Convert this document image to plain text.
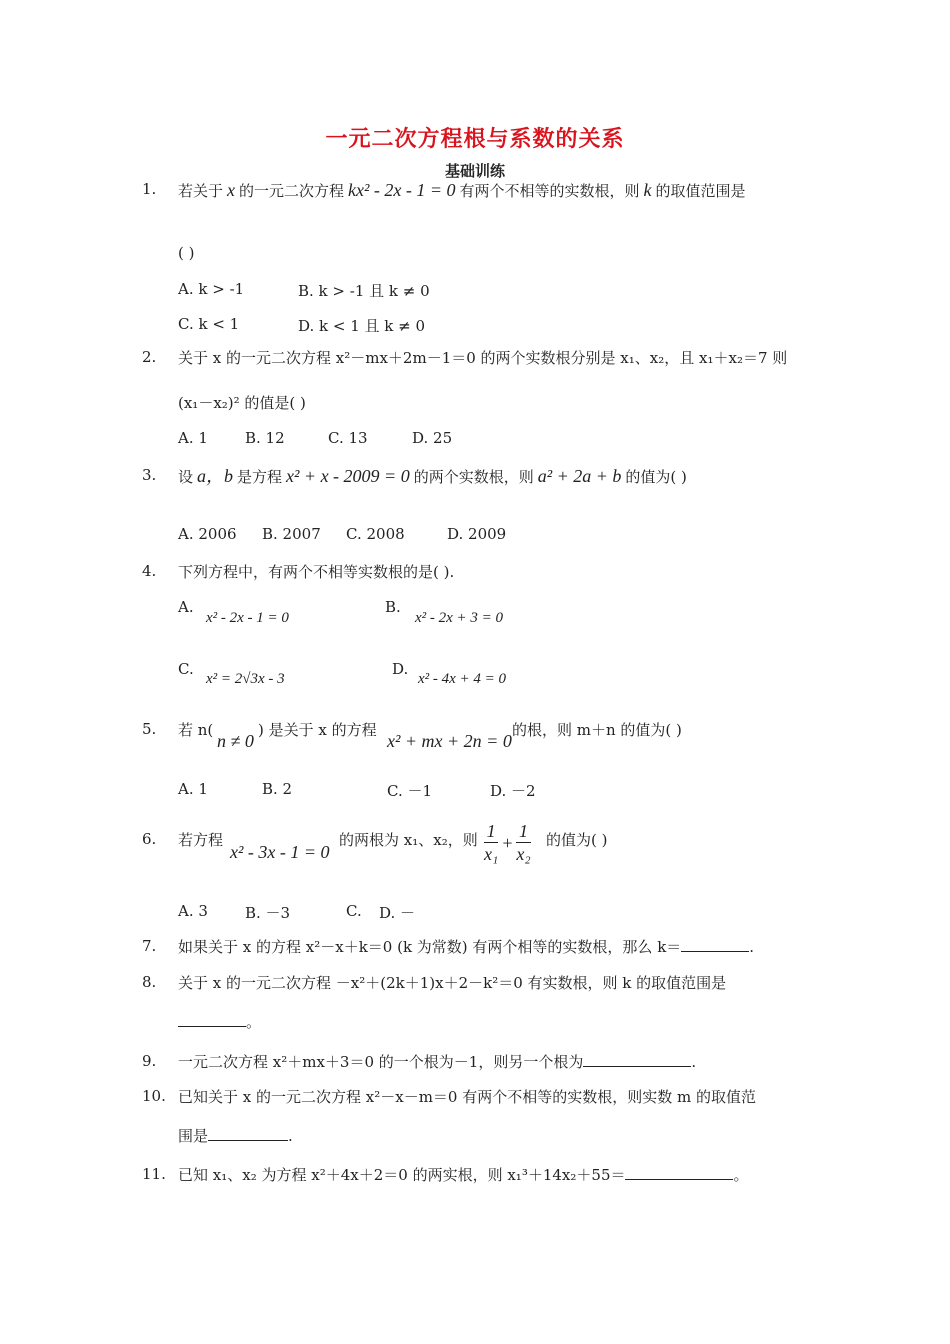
一元二次方程根与系数的关系
基础训练
1. 若关于 x 的一元二次方程 kx² - 2x - 1 = 0 有两个不相等的实数根，则 k 的取值范围是
( )
A. k > -1	B. k > -1 且 k ≠ 0
C. k < 1	D. k < 1 且 k ≠ 0
2. 关于 x 的一元二次方程 x²－mx＋2m－1＝0 的两个实数根分别是 x₁、x₂，且 x₁＋x₂＝7 则
(x₁－x₂)² 的值是( )
A. 1 B. 12	C. 13	D. 25
3. 设 a，b 是方程 x² + x - 2009 = 0 的两个实数根，则 a² + 2a + b 的值为( )
A. 2006 B. 2007 C. 2008	D. 2009
4. 下列方程中，有两个不相等实数根的是( ).
A.
x² - 2x - 1 = 0
B.
x² - 2x + 3 = 0
C.
x² = 2√3x - 3
D.
x² - 4x + 4 = 0
5. 若 n(
n ≠ 0
) 是关于 x 的方程
x² + mx + 2n = 0
的根，则 m＋n 的值为( )
A. 1	B. 2	C. －1	D. －2
6. 若方程
x² - 3x - 1 = 0
的两根为 x₁、x₂，则 $\frac{1}{\text{x₁}} + \frac{1}{\text{x₂}}$ 的值为( )
A. 3 B. －3	C. D. －
7. 如果关于 x 的方程 x²－x＋k＝0 (k 为常数) 有两个相等的实数根，那么 k＝	.
8. 关于 x 的一元二次方程 －x²＋(2k＋1)x＋2－k²＝0 有实数根，则 k 的取值范围是
。
9. 一元二次方程 x²＋mx＋3＝0 的一个根为－1，则另一个根为	.
10. 已知关于 x 的一元二次方程 x²－x－m＝0 有两个不相等的实数根，则实数 m 的取值范
围是	.
11. 已知 x₁、x₂ 为方程 x²＋4x＋2＝0 的两实根，则 x₁³＋14x₂＋55＝	。
